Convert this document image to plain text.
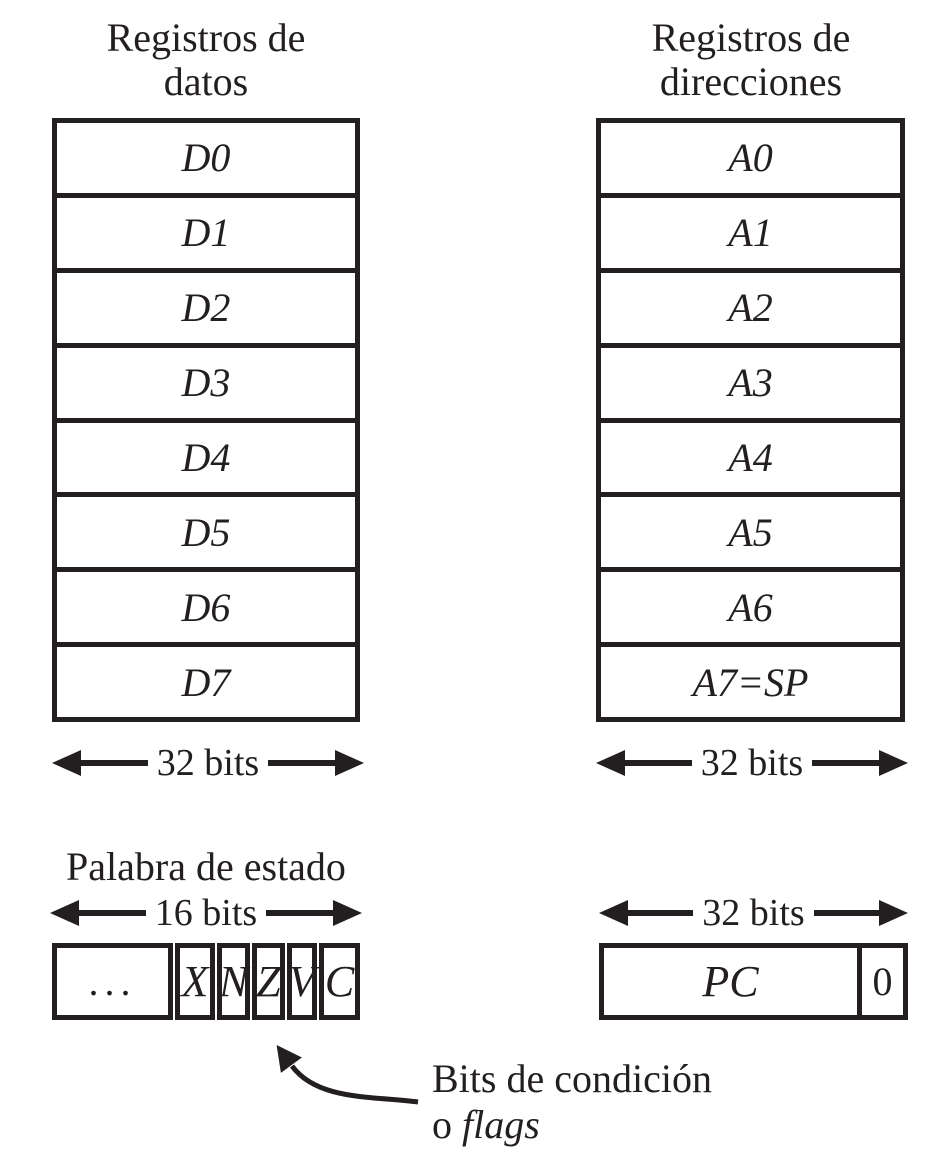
Registros de datos
Registros de direcciones
D0
D1
D2
D3
D4
D5
D6
D7
A0
A1
A2
A3
A4
A5
A6
A7=SP
32 bits	32 bits
Palabra de estado
16 bits	32 bits
...	X N Z V C	PC	0
Bits de condición
o flags
